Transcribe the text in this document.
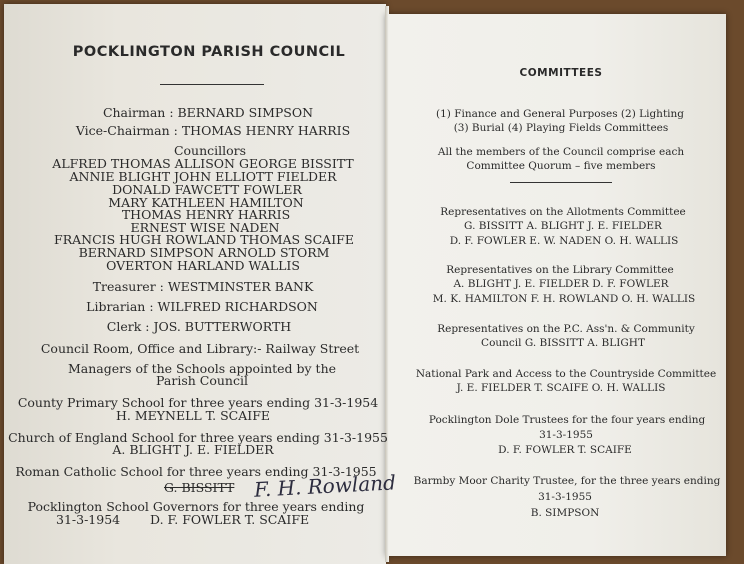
POCKLINGTON PARISH COUNCIL
Chairman : BERNARD SIMPSON
Vice-Chairman : THOMAS HENRY HARRIS
Councillors
ALFRED THOMAS ALLISON GEORGE BISSITT
ANNIE BLIGHT JOHN ELLIOTT FIELDER
DONALD FAWCETT FOWLER
MARY KATHLEEN HAMILTON
THOMAS HENRY HARRIS
ERNEST WISE NADEN
FRANCIS HUGH ROWLAND THOMAS SCAIFE
BERNARD SIMPSON ARNOLD STORM
OVERTON HARLAND WALLIS
Treasurer : WESTMINSTER BANK
Librarian : WILFRED RICHARDSON
Clerk : JOS. BUTTERWORTH
Council Room, Office and Library:- Railway Street
Managers of the Schools appointed by the
Parish Council
County Primary School for three years ending 31-3-1954
H. MEYNELL T. SCAIFE
Church of England School for three years ending 31-3-1955
A. BLIGHT J. E. FIELDER
Roman Catholic School for three years ending 31-3-1955
G. BISSITT F. H. Rowland
Pocklington School Governors for three years ending
31-3-1954 D. F. FOWLER T. SCAIFE
COMMITTEES
(1) Finance and General Purposes (2) Lighting
(3) Burial (4) Playing Fields Committees
All the members of the Council comprise each
Committee Quorum – five members
Representatives on the Allotments Committee
G. BISSITT A. BLIGHT J. E. FIELDER
D. F. FOWLER E. W. NADEN O. H. WALLIS
Representatives on the Library Committee
A. BLIGHT J. E. FIELDER D. F. FOWLER
M. K. HAMILTON F. H. ROWLAND O. H. WALLIS
Representatives on the P.C. Ass'n. & Community
Council G. BISSITT A. BLIGHT
National Park and Access to the Countryside Committee
J. E. FIELDER T. SCAIFE O. H. WALLIS
Pocklington Dole Trustees for the four years ending
31-3-1955
D. F. FOWLER T. SCAIFE
Barmby Moor Charity Trustee, for the three years ending
31-3-1955
B. SIMPSON
